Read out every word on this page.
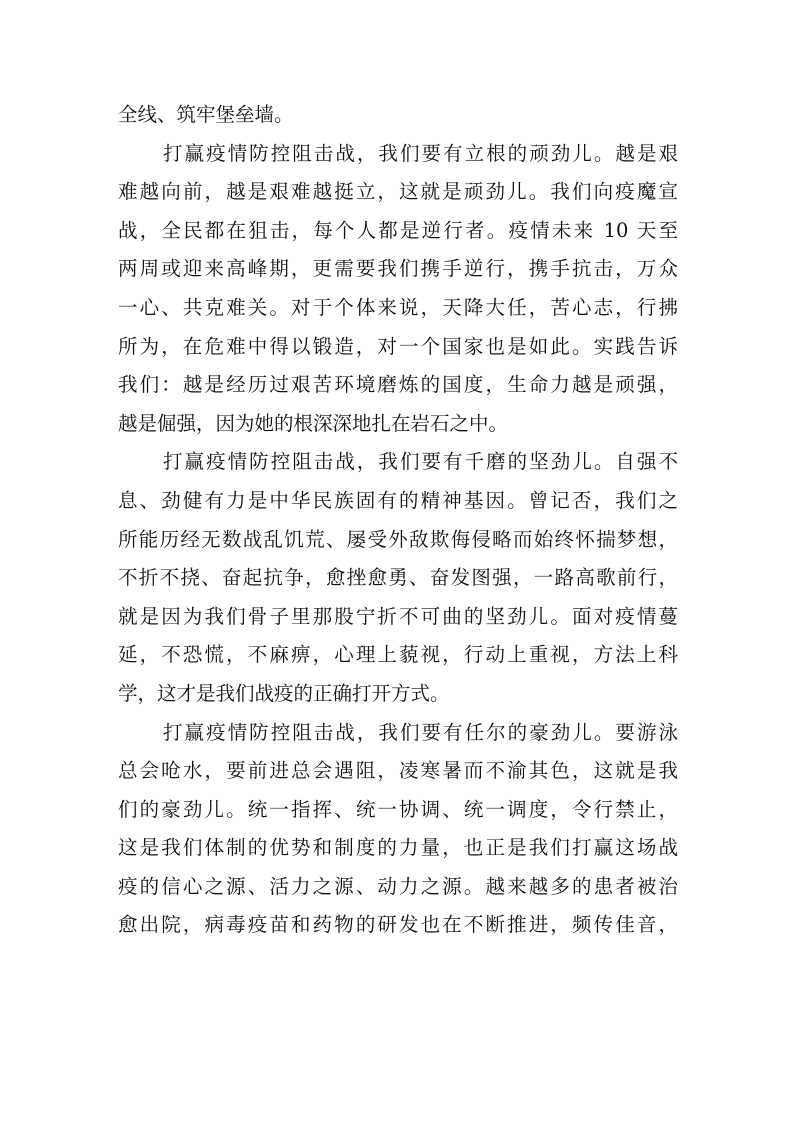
全线、筑牢堡垒墙。
打赢疫情防控阻击战，我们要有立根的顽劲儿。越是艰
难越向前，越是艰难越挺立，这就是顽劲儿。我们向疫魔宣
战，全民都在狙击，每个人都是逆行者。疫情未来 10 天至
两周或迎来高峰期，更需要我们携手逆行，携手抗击，万众
一心、共克难关。对于个体来说，天降大任，苦心志，行拂
所为，在危难中得以锻造，对一个国家也是如此。实践告诉
我们：越是经历过艰苦环境磨炼的国度，生命力越是顽强，
越是倔强，因为她的根深深地扎在岩石之中。
打赢疫情防控阻击战，我们要有千磨的坚劲儿。自强不
息、劲健有力是中华民族固有的精神基因。曾记否，我们之
所能历经无数战乱饥荒、屡受外敌欺侮侵略而始终怀揣梦想，
不折不挠、奋起抗争，愈挫愈勇、奋发图强，一路高歌前行，
就是因为我们骨子里那股宁折不可曲的坚劲儿。面对疫情蔓
延，不恐慌，不麻痹，心理上藐视，行动上重视，方法上科
学，这才是我们战疫的正确打开方式。
打赢疫情防控阻击战，我们要有任尔的豪劲儿。要游泳
总会呛水，要前进总会遇阻，凌寒暑而不渝其色，这就是我
们的豪劲儿。统一指挥、统一协调、统一调度，令行禁止，
这是我们体制的优势和制度的力量，也正是我们打赢这场战
疫的信心之源、活力之源、动力之源。越来越多的患者被治
愈出院，病毒疫苗和药物的研发也在不断推进，频传佳音，
